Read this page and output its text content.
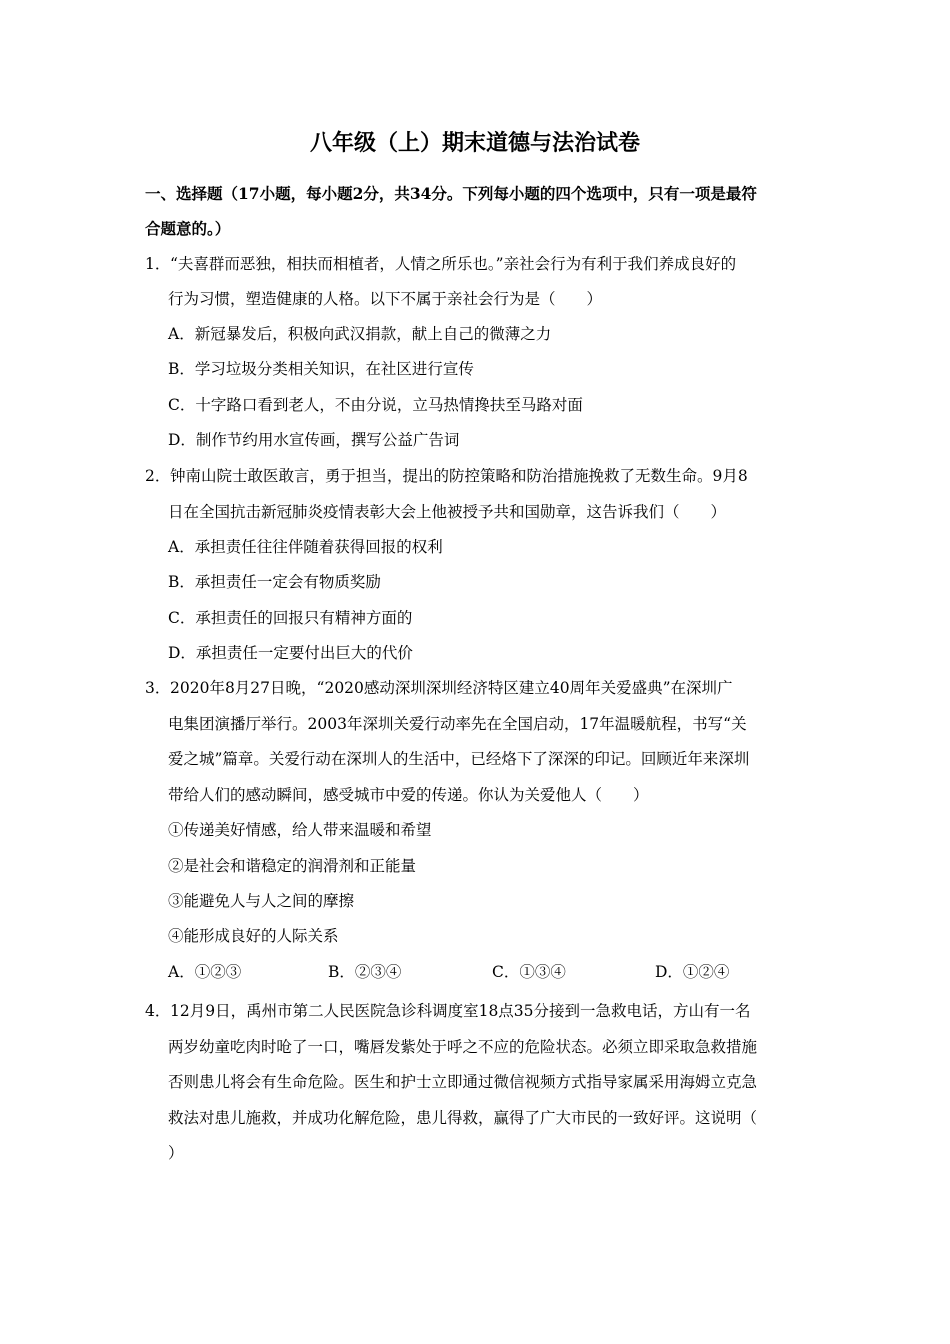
八年级（上）期末道德与法治试卷
一、选择题（17小题，每小题2分，共34分。下列每小题的四个选项中，只有一项是最符
合题意的。）
1． “夫喜群而恶独，相扶而相植者，人情之所乐也。”亲社会行为有利于我们养成良好的
行为习惯，塑造健康的人格。以下不属于亲社会行为是（　　）
A．新冠暴发后，积极向武汉捐款，献上自己的微薄之力
B．学习垃圾分类相关知识，在社区进行宣传
C．十字路口看到老人，不由分说，立马热情搀扶至马路对面
D．制作节约用水宣传画，撰写公益广告词
2． 钟南山院士敢医敢言，勇于担当，提出的防控策略和防治措施挽救了无数生命。9月8
日在全国抗击新冠肺炎疫情表彰大会上他被授予共和国勋章，这告诉我们（　　）
A．承担责任往往伴随着获得回报的权利
B．承担责任一定会有物质奖励
C．承担责任的回报只有精神方面的
D．承担责任一定要付出巨大的代价
3． 2020年8月27日晚，“2020感动深圳深圳经济特区建立40周年关爱盛典”在深圳广
电集团演播厅举行。2003年深圳关爱行动率先在全国启动，17年温暖航程，书写“关
爱之城”篇章。关爱行动在深圳人的生活中，已经烙下了深深的印记。回顾近年来深圳
带给人们的感动瞬间，感受城市中爱的传递。你认为关爱他人（　　）
①传递美好情感，给人带来温暖和希望
②是社会和谐稳定的润滑剂和正能量
③能避免人与人之间的摩擦
④能形成良好的人际关系
A．①②③	B．②③④	C．①③④	D．①②④
4． 12月9日，禹州市第二人民医院急诊科调度室18点35分接到一急救电话，方山有一名
两岁幼童吃肉时呛了一口，嘴唇发紫处于呼之不应的危险状态。必须立即采取急救措施
否则患儿将会有生命危险。医生和护士立即通过微信视频方式指导家属采用海姆立克急
救法对患儿施救，并成功化解危险，患儿得救，赢得了广大市民的一致好评。这说明（
）
